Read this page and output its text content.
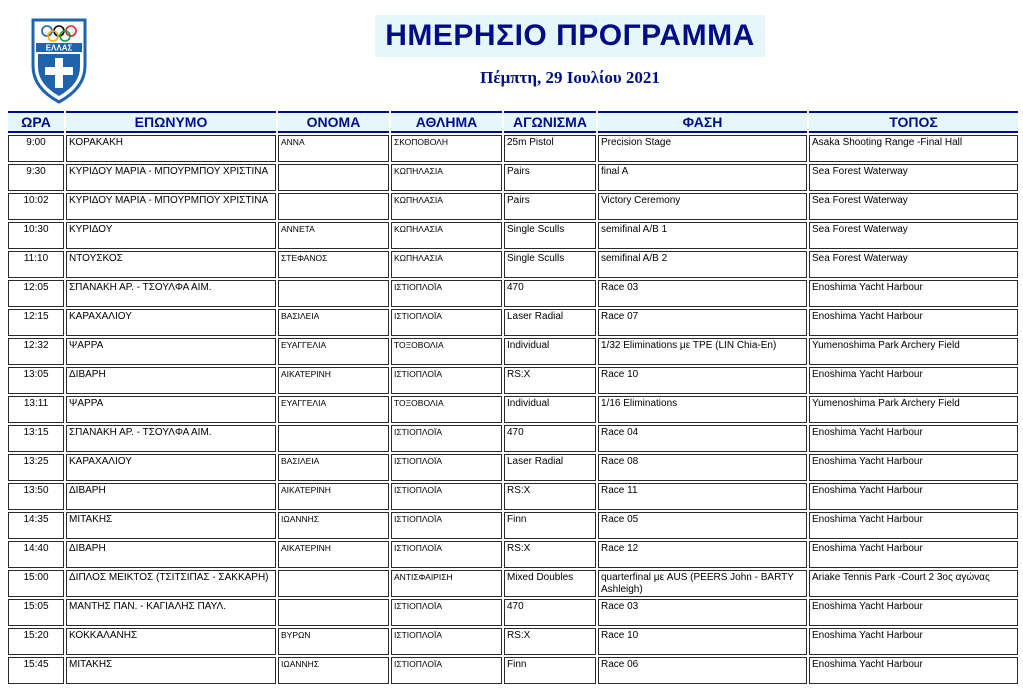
ΕΛΛΑΣ	ΗΜΕΡΗΣΙΟ ΠΡΟΓΡΑΜΜΑ
Πέμπτη, 29 Ιουλίου 2021
ΩΡΑ	ΕΠΩΝΥΜΟ	ΟΝΟΜΑ	ΑΘΛΗΜΑ	ΑΓΩΝΙΣΜΑ	ΦΑΣΗ	ΤΟΠΟΣ
9:00	ΚΟΡΑΚΑΚΗ	ΑΝΝΑ	ΣΚΟΠΟΒΟΛΗ	25m Pistol	Precision Stage	Asaka Shooting Range -Final Hall
9:30	ΚΥΡΙΔΟΥ ΜΑΡΙΑ - ΜΠΟΥΡΜΠΟΥ ΧΡΙΣΤΙΝΑ		ΚΩΠΗΛΑΣΙΑ	Pairs	final A	Sea Forest Waterway
10:02	ΚΥΡΙΔΟΥ ΜΑΡΙΑ - ΜΠΟΥΡΜΠΟΥ ΧΡΙΣΤΙΝΑ		ΚΩΠΗΛΑΣΙΑ	Pairs	Victory Ceremony	Sea Forest Waterway
10:30	ΚΥΡΙΔΟΥ	ΑΝΝΕΤΑ	ΚΩΠΗΛΑΣΙΑ	Single Sculls	semifinal A/B 1	Sea Forest Waterway
11:10	ΝΤΟΥΣΚΟΣ	ΣΤΕΦΑΝΟΣ	ΚΩΠΗΛΑΣΙΑ	Single Sculls	semifinal A/B 2	Sea Forest Waterway
12:05	ΣΠΑΝΑΚΗ ΑΡ. - ΤΣΟΥΛΦΑ ΑΙΜ.		ΙΣΤΙΟΠΛΟΪΑ	470	Race 03	Enoshima Yacht Harbour
12:15	ΚΑΡΑΧΑΛΙΟΥ	ΒΑΣΙΛΕΙΑ	ΙΣΤΙΟΠΛΟΪΑ	Laser Radial	Race 07	Enoshima Yacht Harbour
12:32	ΨΑΡΡΑ	ΕΥΑΓΓΕΛΙΑ	ΤΟΞΟΒΟΛΙΑ	Individual	1/32 Eliminations με TPE (LIN Chia-En)	Yumenoshima Park Archery Field
13:05	ΔΙΒΑΡΗ	ΑΙΚΑΤΕΡΙΝΗ	ΙΣΤΙΟΠΛΟΪΑ	RS:X	Race 10	Enoshima Yacht Harbour
13:11	ΨΑΡΡΑ	ΕΥΑΓΓΕΛΙΑ	ΤΟΞΟΒΟΛΙΑ	Individual	1/16 Eliminations	Yumenoshima Park Archery Field
13:15	ΣΠΑΝΑΚΗ ΑΡ. - ΤΣΟΥΛΦΑ ΑΙΜ.		ΙΣΤΙΟΠΛΟΪΑ	470	Race 04	Enoshima Yacht Harbour
13:25	ΚΑΡΑΧΑΛΙΟΥ	ΒΑΣΙΛΕΙΑ	ΙΣΤΙΟΠΛΟΪΑ	Laser Radial	Race 08	Enoshima Yacht Harbour
13:50	ΔΙΒΑΡΗ	ΑΙΚΑΤΕΡΙΝΗ	ΙΣΤΙΟΠΛΟΪΑ	RS:X	Race 11	Enoshima Yacht Harbour
14:35	ΜΙΤΑΚΗΣ	ΙΩΑΝΝΗΣ	ΙΣΤΙΟΠΛΟΪΑ	Finn	Race 05	Enoshima Yacht Harbour
14:40	ΔΙΒΑΡΗ	ΑΙΚΑΤΕΡΙΝΗ	ΙΣΤΙΟΠΛΟΪΑ	RS:X	Race 12	Enoshima Yacht Harbour
15:00	ΔΙΠΛΟΣ ΜΕΙΚΤΟΣ (ΤΣΙΤΣΙΠΑΣ - ΣΑΚΚΑΡΗ)		ΑΝΤΙΣΦΑΙΡΙΣΗ	Mixed Doubles	quarterfinal με AUS (PEERS John - BARTY Ashleigh)	Ariake Tennis Park -Court 2 3ος αγώνας
15:05	ΜΑΝΤΗΣ ΠΑΝ. - ΚΑΓΙΑΛΗΣ ΠΑΥΛ.		ΙΣΤΙΟΠΛΟΪΑ	470	Race 03	Enoshima Yacht Harbour
15:20	ΚΟΚΚΑΛΑΝΗΣ	ΒΥΡΩΝ	ΙΣΤΙΟΠΛΟΪΑ	RS:X	Race 10	Enoshima Yacht Harbour
15:45	ΜΙΤΑΚΗΣ	ΙΩΑΝΝΗΣ	ΙΣΤΙΟΠΛΟΪΑ	Finn	Race 06	Enoshima Yacht Harbour
